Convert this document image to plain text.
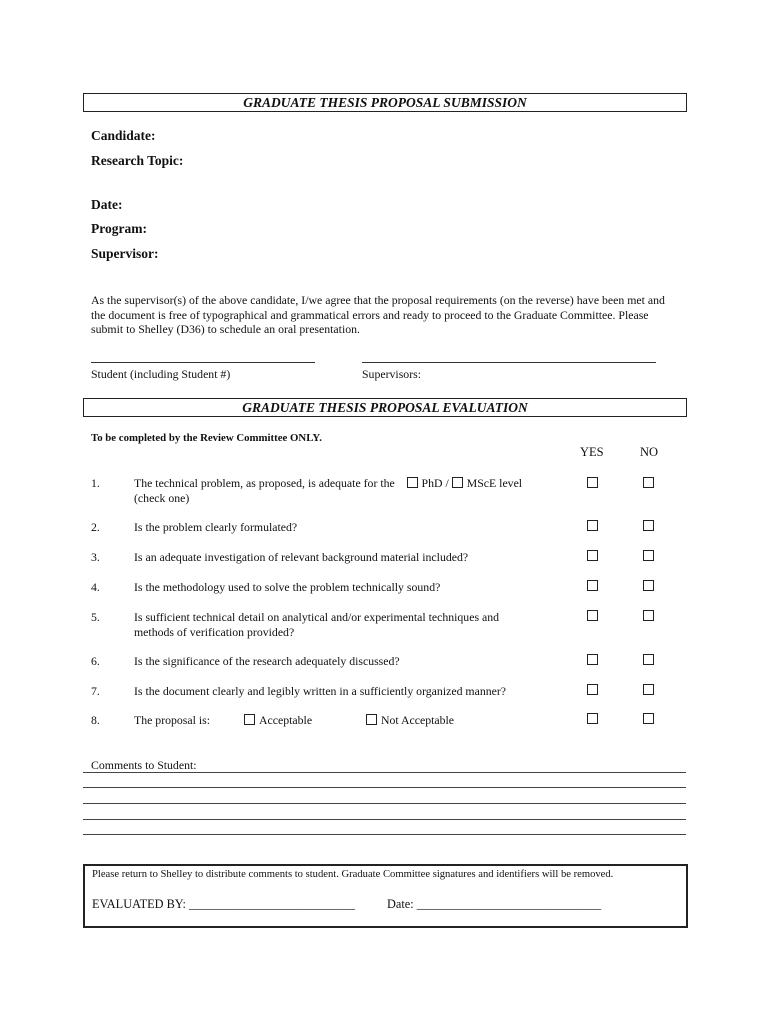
GRADUATE THESIS PROPOSAL SUBMISSION
Candidate:
Research Topic:
Date:
Program:
Supervisor:
As the supervisor(s) of the above candidate, I/we agree that the proposal requirements (on the reverse) have been met and the document is free of typographical and grammatical errors and ready to proceed to the Graduate Committee. Please submit to Shelley (D36) to schedule an oral presentation.
Student (including Student #)	Supervisors:
GRADUATE THESIS PROPOSAL EVALUATION
To be completed by the Review Committee ONLY.
YES	NO
1.	The technical problem, as proposed, is adequate for the PhD / MScE level
(check one)
2.	Is the problem clearly formulated?
3.	Is an adequate investigation of relevant background material included?
4.	Is the methodology used to solve the problem technically sound?
5.	Is sufficient technical detail on analytical and/or experimental techniques and methods of verification provided?
6.	Is the significance of the research adequately discussed?
7.	Is the document clearly and legibly written in a sufficiently organized manner?
8.	The proposal is:	Acceptable	Not Acceptable
Comments to Student:
Please return to Shelley to distribute comments to student. Graduate Committee signatures and identifiers will be removed.
EVALUATED BY: ___________________________	Date: ______________________________
